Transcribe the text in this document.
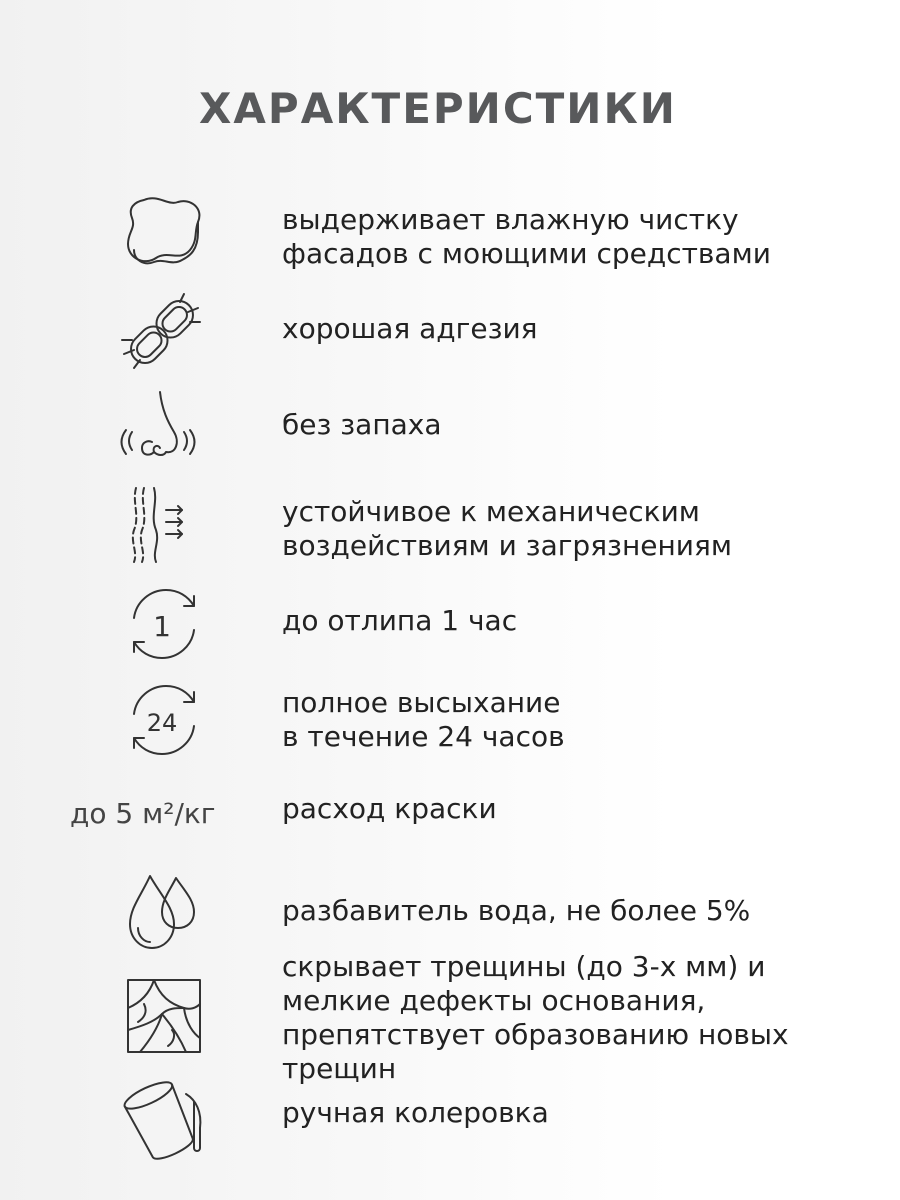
ХАРАКТЕРИСТИКИ
выдерживает влажную чистку
фасадов с моющими средствами
хорошая адгезия
без запаха
устойчивое к механическим
воздействиям и загрязнениям
1	до отлипа 1 час
24
полное высыхание
в течение 24 часов
до 5 м²/кг	расход краски
разбавитель вода, не более 5%
скрывает трещины (до 3-х мм) и
мелкие дефекты основания,
препятствует образованию новых
трещин
ручная колеровка
